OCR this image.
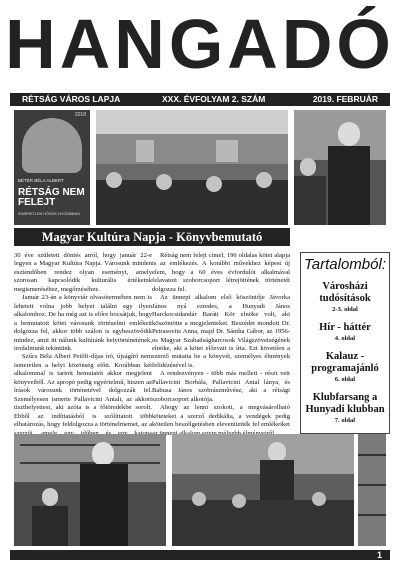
HANGADÓ
RÉTSÁG VÁROS LAPJA	XXX. ÉVFOLYAM 2. SZÁM	2019. FEBRUÁR
2018
BÉTÉR BÉLA ALBERT
RÉTSÁG NEM FELEJT
ISMERETLEN HŐSÖK NYOMÁBAN
Magyar Kultúra Napja - Könyvbemutató

30 éve született döntés arról, hogy január 22-e legyen a Magyar Kultúra Napja. Városunk minden esztendőben rendez olyan eseményt, amely szorosan kapcsolódik kulturális értékeink megismeréséhez, megőrzéséhez.

Január 23-án a könyvtár olvasótermében nem is lehetett volna jobb helyet találni egy ilyen alkalomhoz. De ha még azt is előre bocsátjuk, hogy a bemutatott kötet városunk történelmi emlékeit dolgozza fel, akkor több szálon is egybeszövődik mindez, amit itt nálunk kultúránk helytörténetének, irodalmunk tekintünk.

Szűcs Béla Albert Petőfi-díjas író, újságíró nem ismeretlen a helyi közönség előtt. Korábban két alkalommal is tartott bemutatót akkor megjelent könyveiből. Az apropó pedig egyértelmű, hiszen az írások városunk történetével dolgozzák fel. Személyesen ismerte Pallavicini Antalt, az akkori tiszthelyettest, aki azóta is a főtöredékbe sorolt. Ebből az indíttatásból is szólíttatott több elhatározás, hogy feldolgozza a történelmemet, az a

Rétság nem felejt címel, 196 oldalas kötet alapja is az emlékezés. A korábbi művekhez képest új elem, hogy a 60 éves évfordulót alkalmával felavatott szoborcsoport létrejöttének történetét dolgozza fel.

Az ünnepi alkalom első köszöntője Jávorka János nyá ezredes, a Hunyadi János Harckocsidandár Baráti Kör elnöke volt, aki köszöntötte a megjelenteket. Beszédet mondott Dr. Petrasovits Anna, majd Dr. Sántha Gábor, az 1956-os Magyar Szabadságharcosok Világszövetségének elnöke, aki a kötet előzvait is írta. Ezt követően a szerző mutatta be a könyvét, személyes élmények felidézésével is.

A rendezvényen - több más mellett - részt vett Pallavicini Borbála, Pallavicini Antal lánya, és Babusa János szobrászművész, aki a rétsági szoborcsoport alkotója.

Ahogy az lenni szokott, a megvásárolható köteteket a szerző dedikálta, a vendégek pedig kötetlen beszélgetésben elevenítették fel emlékeiket ünnepi

Tartalomból:
Városházi tudósítások
2-3. oldal
Hír - háttér
4. oldal
Kalauz - programajánló
6. oldal
Klubfarsang a Hunyadi klubban
7. oldal
1
